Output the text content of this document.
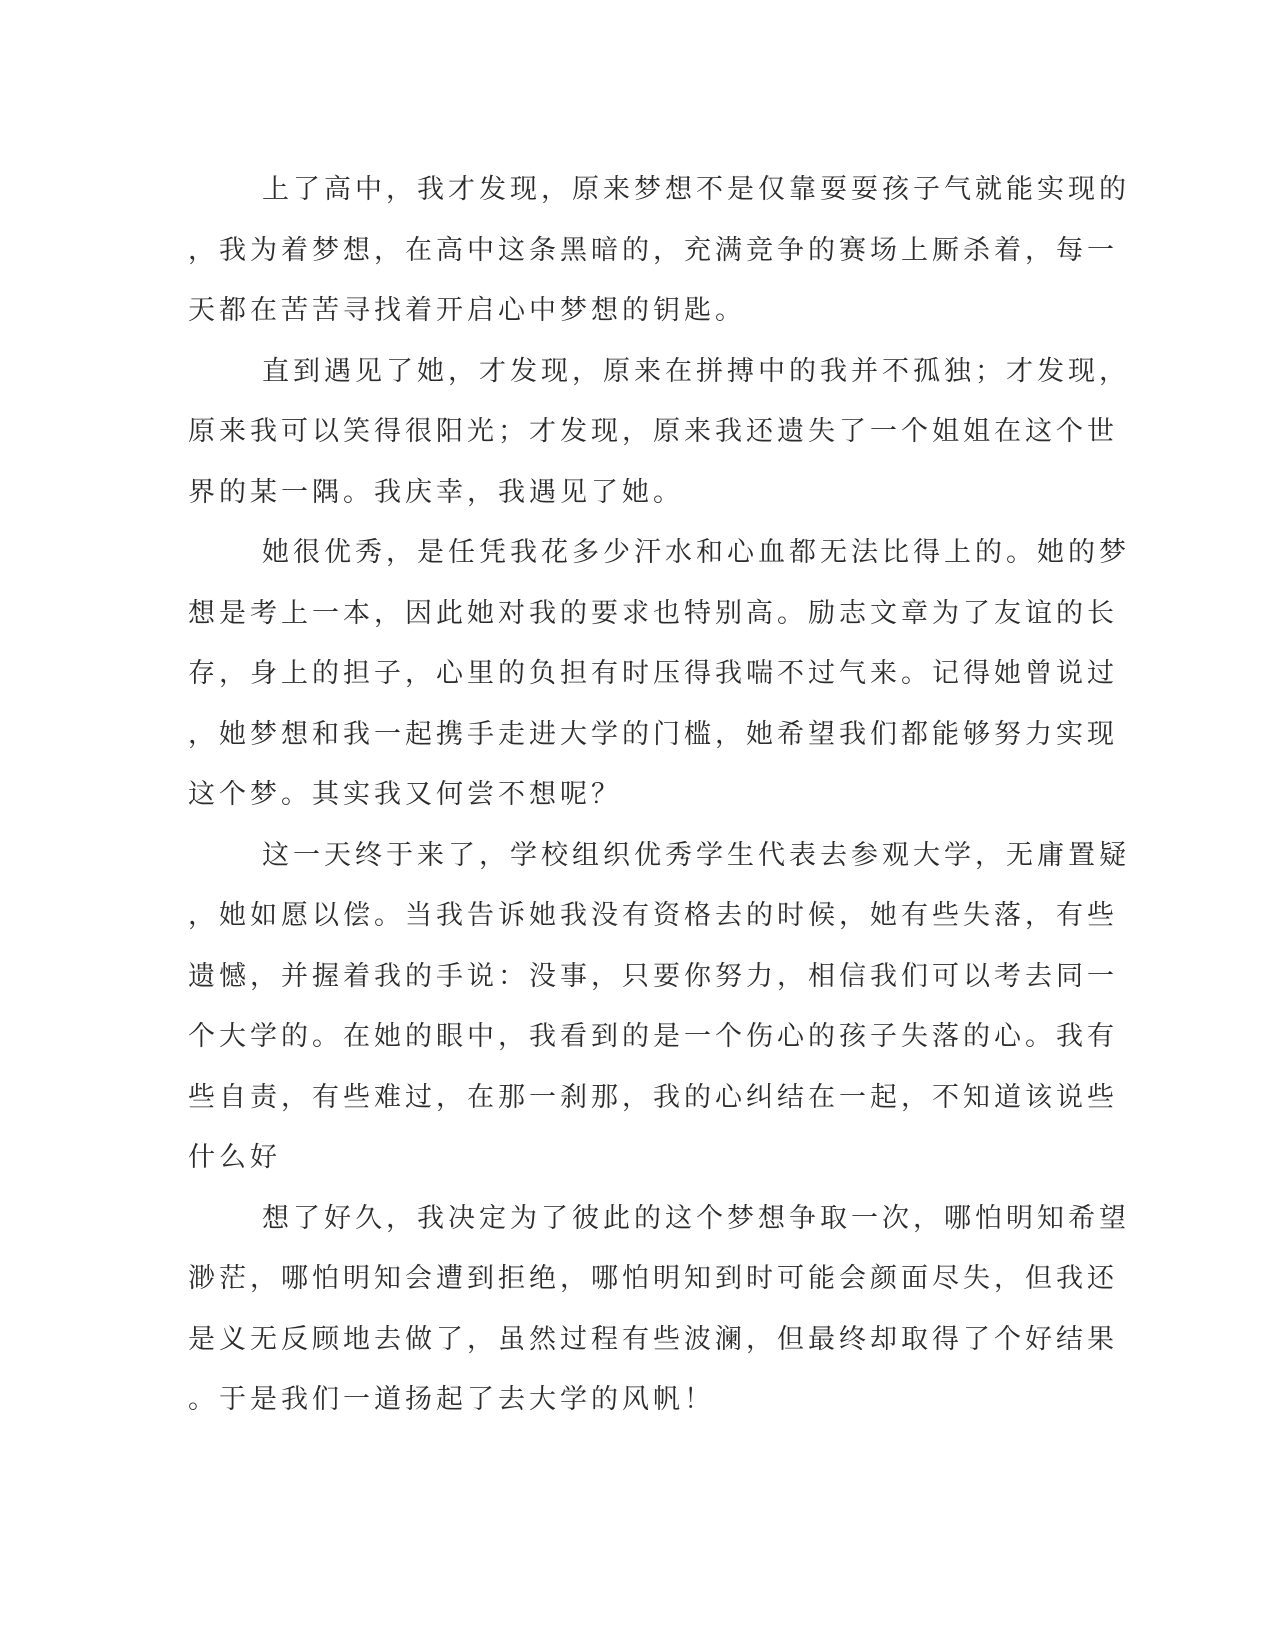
上了高中，我才发现，原来梦想不是仅靠耍耍孩子气就能实现的
，我为着梦想，在高中这条黑暗的，充满竞争的赛场上厮杀着，每一
天都在苦苦寻找着开启心中梦想的钥匙。
直到遇见了她，才发现，原来在拼搏中的我并不孤独；才发现，
原来我可以笑得很阳光；才发现，原来我还遗失了一个姐姐在这个世
界的某一隅。我庆幸，我遇见了她。
她很优秀，是任凭我花多少汗水和心血都无法比得上的。她的梦
想是考上一本，因此她对我的要求也特别高。励志文章为了友谊的长
存，身上的担子，心里的负担有时压得我喘不过气来。记得她曾说过
，她梦想和我一起携手走进大学的门槛，她希望我们都能够努力实现
这个梦。其实我又何尝不想呢？
这一天终于来了，学校组织优秀学生代表去参观大学，无庸置疑
，她如愿以偿。当我告诉她我没有资格去的时候，她有些失落，有些
遗憾，并握着我的手说：没事，只要你努力，相信我们可以考去同一
个大学的。在她的眼中，我看到的是一个伤心的孩子失落的心。我有
些自责，有些难过，在那一刹那，我的心纠结在一起，不知道该说些
什么好
想了好久，我决定为了彼此的这个梦想争取一次，哪怕明知希望
渺茫，哪怕明知会遭到拒绝，哪怕明知到时可能会颜面尽失，但我还
是义无反顾地去做了，虽然过程有些波澜，但最终却取得了个好结果
。于是我们一道扬起了去大学的风帆！
